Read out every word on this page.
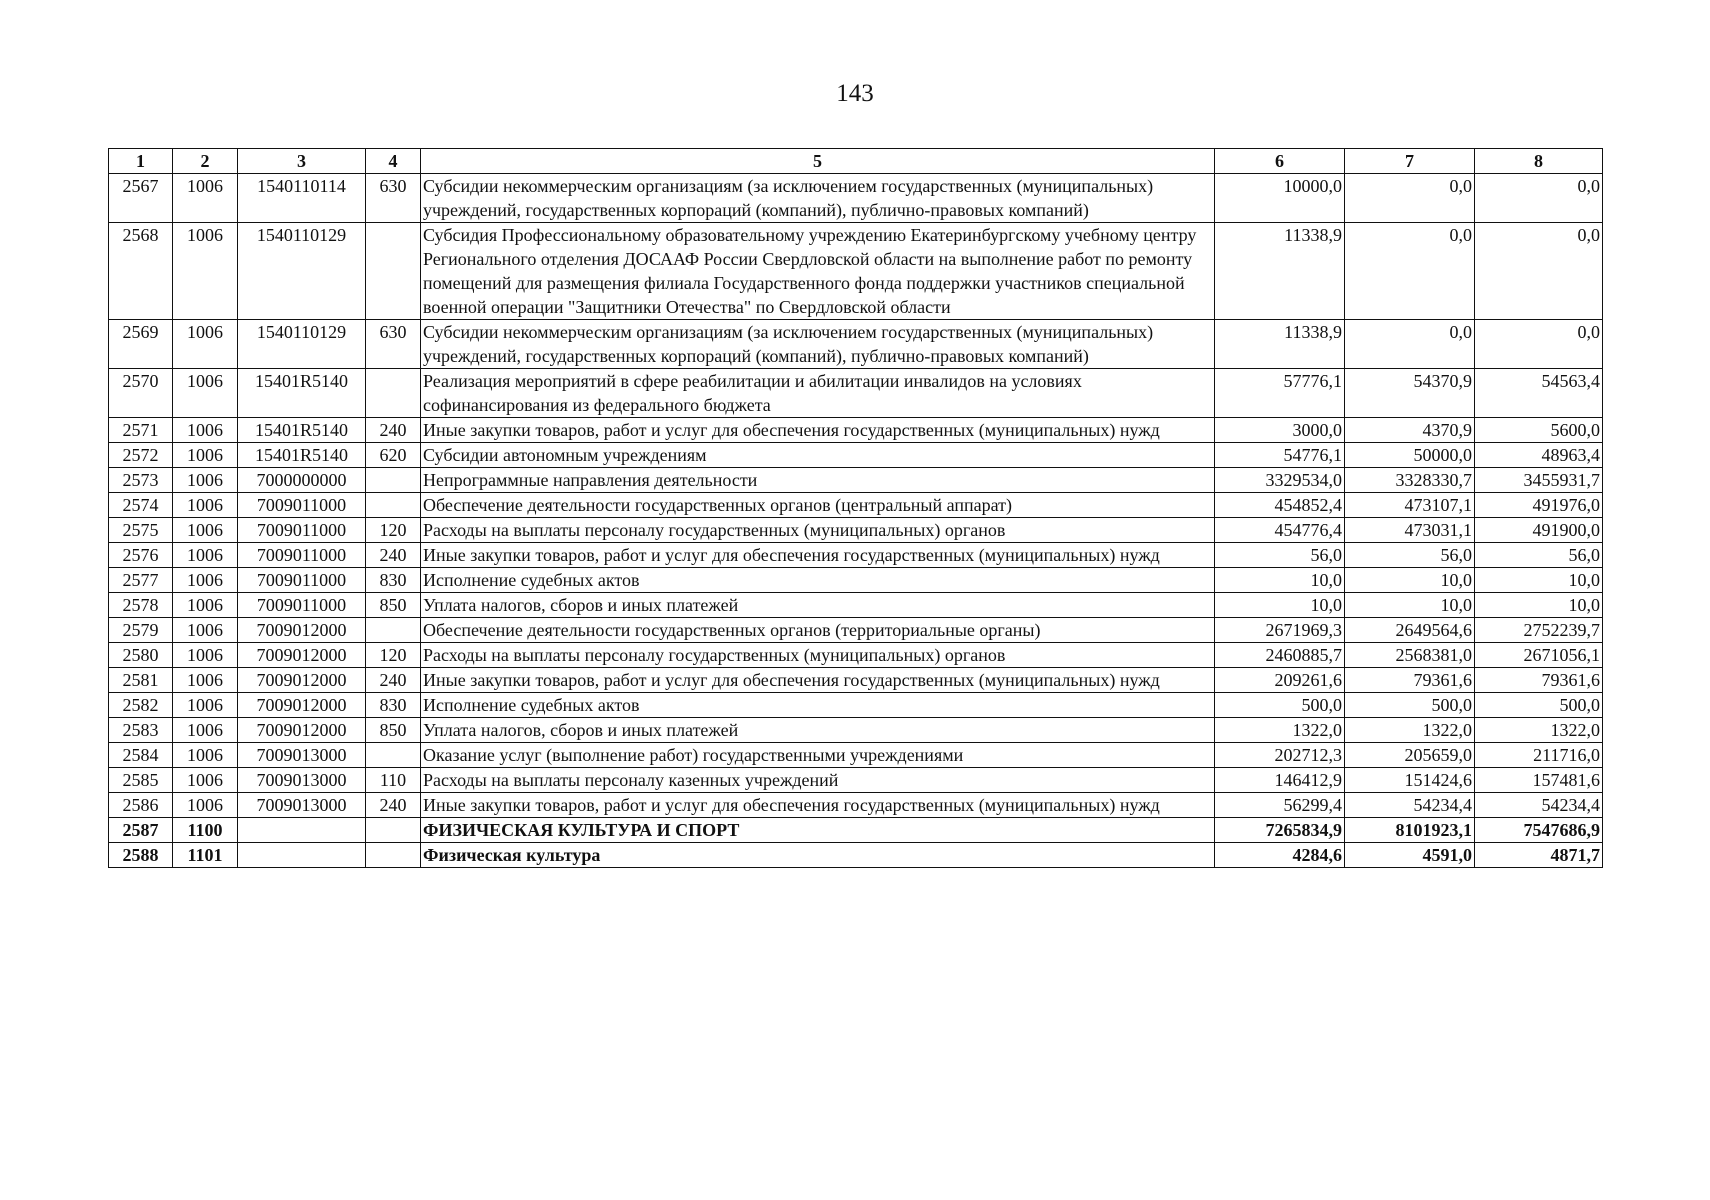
143
1	2	3	4	5	6	7	8
2567	1006	1540110114	630	Субсидии некоммерческим организациям (за исключением государственных (муниципальных) учреждений, государственных корпораций (компаний), публично-правовых компаний)	10000,0	0,0	0,0
2568	1006	1540110129		Субсидия Профессиональному образовательному учреждению Екатеринбургскому учебному центру Регионального отделения ДОСААФ России Свердловской области на выполнение работ по ремонту помещений для размещения филиала Государственного фонда поддержки участников специальной военной операции "Защитники Отечества" по Свердловской области	11338,9	0,0	0,0
2569	1006	1540110129	630	Субсидии некоммерческим организациям (за исключением государственных (муниципальных) учреждений, государственных корпораций (компаний), публично-правовых компаний)	11338,9	0,0	0,0
2570	1006	15401R5140		Реализация мероприятий в сфере реабилитации и абилитации инвалидов на условиях софинансирования из федерального бюджета	57776,1	54370,9	54563,4
2571	1006	15401R5140	240	Иные закупки товаров, работ и услуг для обеспечения государственных (муниципальных) нужд	3000,0	4370,9	5600,0
2572	1006	15401R5140	620	Субсидии автономным учреждениям	54776,1	50000,0	48963,4
2573	1006	7000000000		Непрограммные направления деятельности	3329534,0	3328330,7	3455931,7
2574	1006	7009011000		Обеспечение деятельности государственных органов (центральный аппарат)	454852,4	473107,1	491976,0
2575	1006	7009011000	120	Расходы на выплаты персоналу государственных (муниципальных) органов	454776,4	473031,1	491900,0
2576	1006	7009011000	240	Иные закупки товаров, работ и услуг для обеспечения государственных (муниципальных) нужд	56,0	56,0	56,0
2577	1006	7009011000	830	Исполнение судебных актов	10,0	10,0	10,0
2578	1006	7009011000	850	Уплата налогов, сборов и иных платежей	10,0	10,0	10,0
2579	1006	7009012000		Обеспечение деятельности государственных органов (территориальные органы)	2671969,3	2649564,6	2752239,7
2580	1006	7009012000	120	Расходы на выплаты персоналу государственных (муниципальных) органов	2460885,7	2568381,0	2671056,1
2581	1006	7009012000	240	Иные закупки товаров, работ и услуг для обеспечения государственных (муниципальных) нужд	209261,6	79361,6	79361,6
2582	1006	7009012000	830	Исполнение судебных актов	500,0	500,0	500,0
2583	1006	7009012000	850	Уплата налогов, сборов и иных платежей	1322,0	1322,0	1322,0
2584	1006	7009013000		Оказание услуг (выполнение работ) государственными учреждениями	202712,3	205659,0	211716,0
2585	1006	7009013000	110	Расходы на выплаты персоналу казенных учреждений	146412,9	151424,6	157481,6
2586	1006	7009013000	240	Иные закупки товаров, работ и услуг для обеспечения государственных (муниципальных) нужд	56299,4	54234,4	54234,4
2587	1100			ФИЗИЧЕСКАЯ КУЛЬТУРА И СПОРТ	7265834,9	8101923,1	7547686,9
2588	1101			Физическая культура	4284,6	4591,0	4871,7
